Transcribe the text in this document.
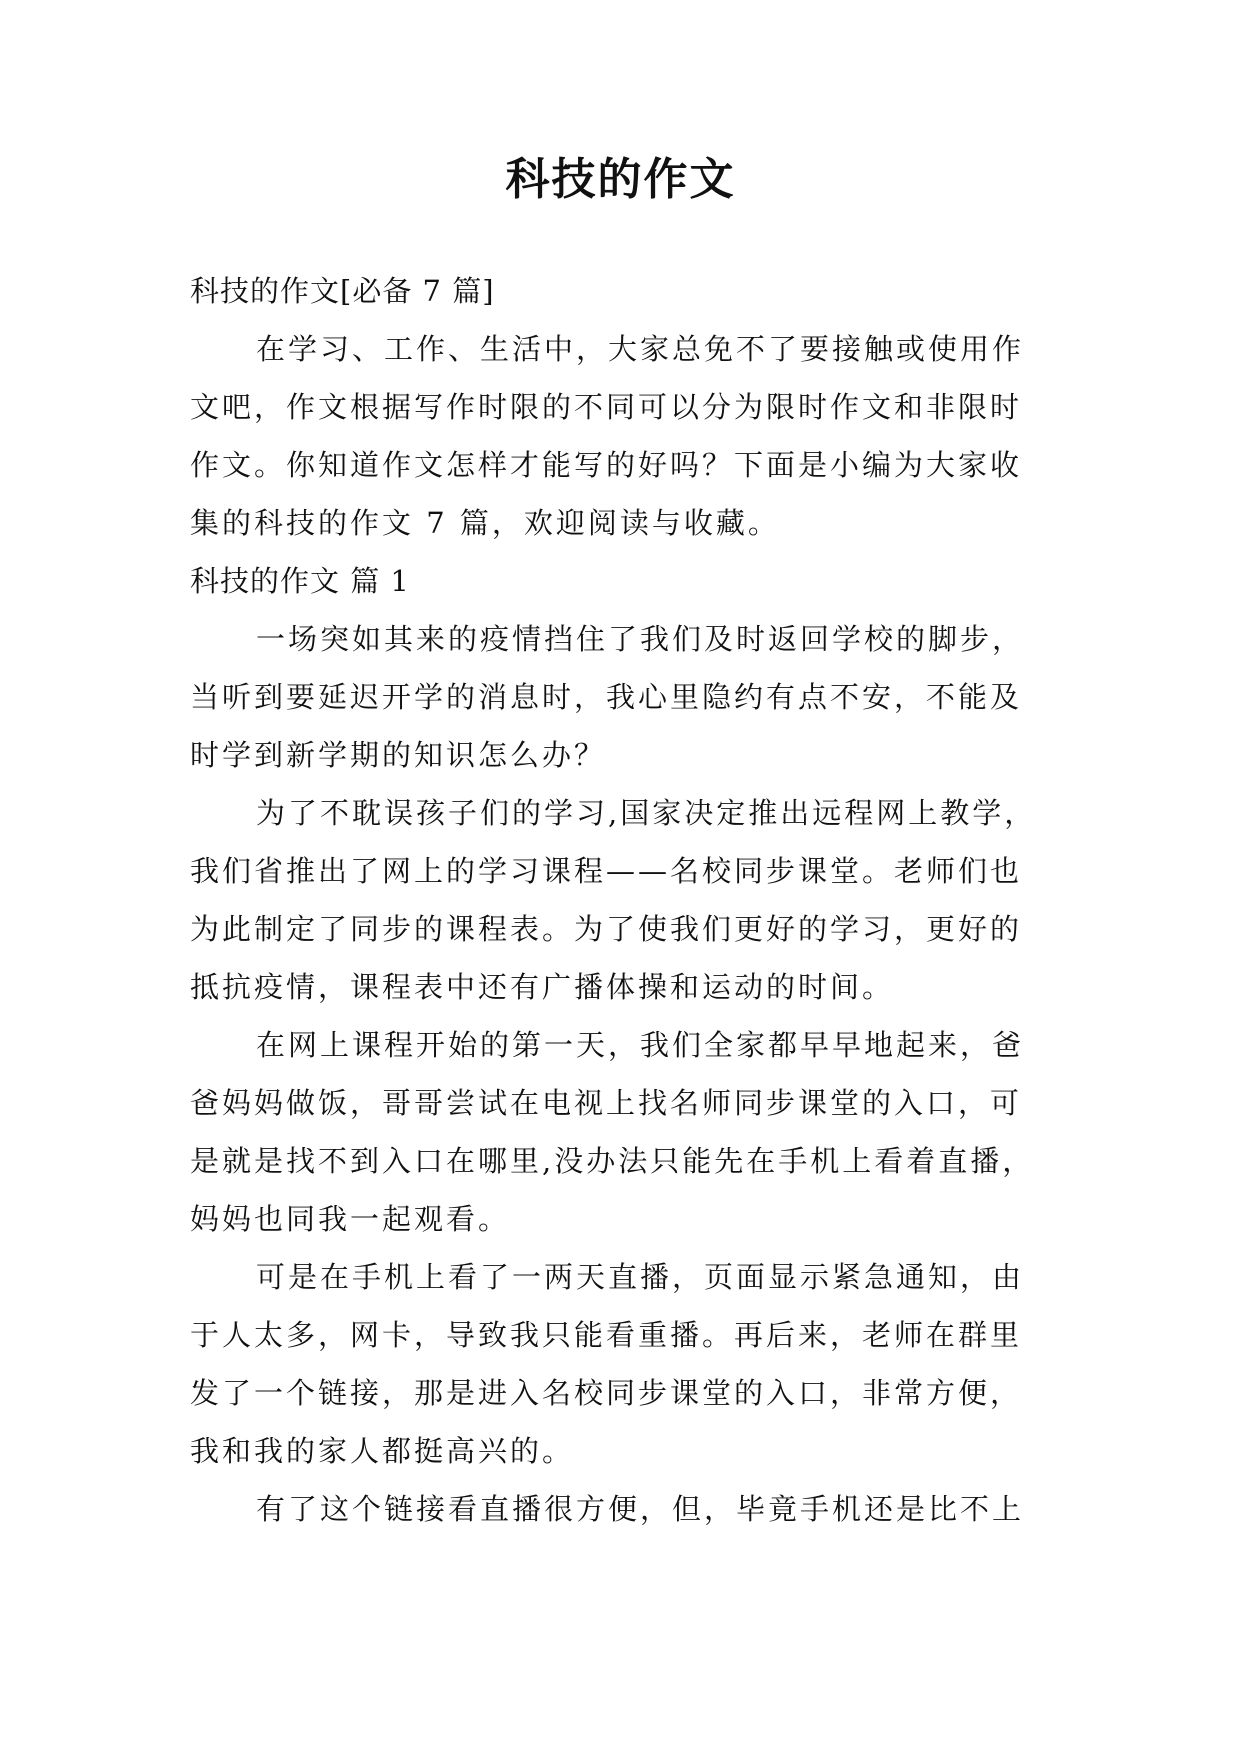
科技的作文
科技的作文[必备 7 篇]
在学习、工作、生活中，大家总免不了要接触或使用作
文吧，作文根据写作时限的不同可以分为限时作文和非限时
作文。你知道作文怎样才能写的好吗？下面是小编为大家收
集的科技的作文 7 篇，欢迎阅读与收藏。
科技的作文 篇 1
一场突如其来的疫情挡住了我们及时返回学校的脚步，
当听到要延迟开学的消息时，我心里隐约有点不安，不能及
时学到新学期的知识怎么办？
为了不耽误孩子们的学习,国家决定推出远程网上教学，
我们省推出了网上的学习课程——名校同步课堂。老师们也
为此制定了同步的课程表。为了使我们更好的学习，更好的
抵抗疫情，课程表中还有广播体操和运动的时间。
在网上课程开始的第一天，我们全家都早早地起来，爸
爸妈妈做饭，哥哥尝试在电视上找名师同步课堂的入口，可
是就是找不到入口在哪里,没办法只能先在手机上看着直播，
妈妈也同我一起观看。
可是在手机上看了一两天直播，页面显示紧急通知，由
于人太多，网卡，导致我只能看重播。再后来，老师在群里
发了一个链接，那是进入名校同步课堂的入口，非常方便，
我和我的家人都挺高兴的。
有了这个链接看直播很方便，但，毕竟手机还是比不上
